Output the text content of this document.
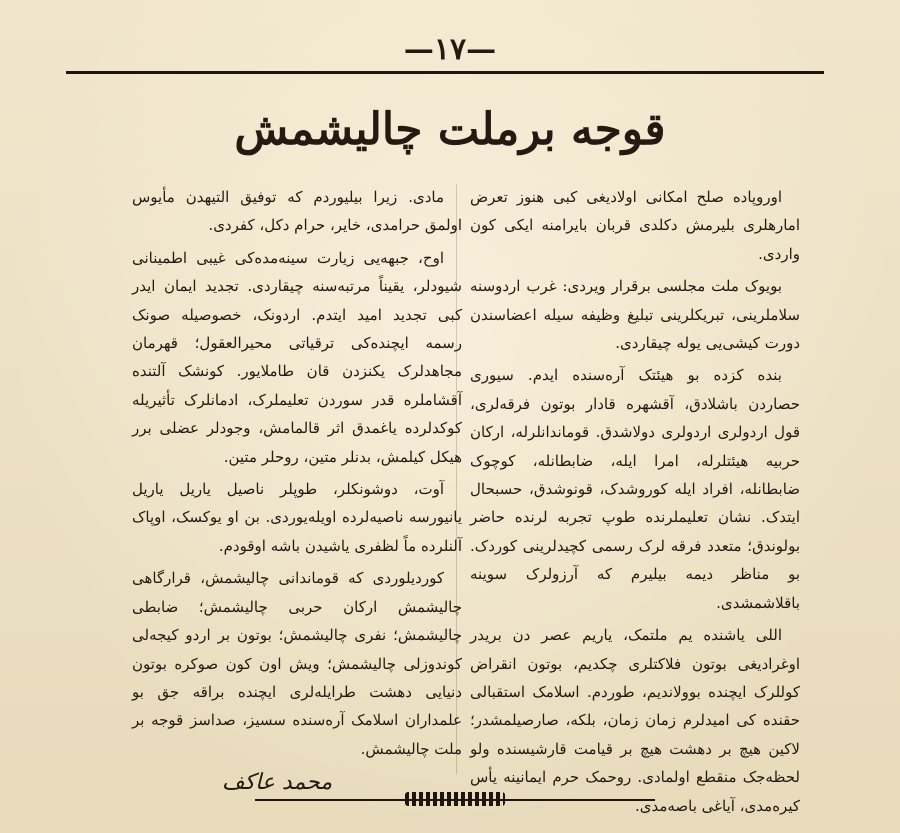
—۱٧—
قوجه برملت چالیشمش

اوروپاده صلح امکانی اولادیغی کبی هنوز تعرض امارهلری بلیرمش دکلدی قربان بایرامنه ایکی کون واردی.

بویوک ملت مجلسی برقرار ویردی: غرب اردوسنه سلاملرینی، تبریکلرینی تبلیغ وظیفه سیله اعضاسندن دورت کیشی‌یی یوله چیقاردی.

بنده کزده بو هیئتک آره‌سنده ایدم. سیوری حصاردن باشلادق، آقشهره قادار بوتون فرقه‌لری، قول اردولری اردولری دولاشدق. قوماندانلرله، ارکان حربیه هیئتلرله، امرا ایله، ضابطانله، کوچوک ضابطانله، افراد ایله کوروشدک، قونوشدق، حسبحال ایتدک. نشان تعلیملرنده طوپ تجربه لرنده حاضر بولوندق؛ متعدد فرقه لرک رسمی کچیدلرینی کوردک. بو مناظر دیمه بیلیرم که آرزولرک سوینه باقلاشمشدی.

اللی یاشنده یم ملتمک، یاریم عصر دن بریدر اوغرادیغی بوتون فلاکتلری چکدیم، بوتون انقراض کوللرک ایچنده بوولاندیم، طوردم. اسلامک استقبالی حقنده کی امیدلرم زمان زمان، بلکه، صارصیلمشدر؛ لاکین هیچ بر دهشت هیچ بر قیامت قارشیسنده ولو لحظه‌جک منقطع اولمادی. روحمک حرم ایمانینه یأس کیره‌مدی، آیاغی باصه‌مدی.

مادی. زیرا بیلیوردم که توفیق التیهدن مأیوس اولمق حرامدی، خایر، حرام دکل، کفردی.

اوح، جبهه‌یی زیارت سینه‌مده‌کی غیبی اطمینانی شیودلر، یقیناً مرتبه‌سنه چیقاردی. تجدید ایمان ایدر کبی تجدید امید ایتدم. اردونک، خصوصیله صونک رسمه ایچنده‌کی ترقیاتی محیرالعقول؛ قهرمان مجاهدلرک یکنزدن قان طاملایور. کونشک آلتنده آقشاملره قدر سوردن تعلیملرک، ادمانلرک تأثیریله کوکدلرده یاغمدق اثر قالمامش، وجودلر عضلی برر هیکل کیلمش، بدنلر متین، روحلر متین.

آوت، دوشونکلر، طوپلر ناصیل یاریل یاریل یانیورسه ناصیه‌لرده اویله‌یوردی. بن او یوکسک، اوپاک آلنلرده ماً لظفری یاشیدن باشه اوقودم.

کوردیلوردی که قوماندانی چالیشمش، قرارگاهی چالیشمش ارکان حربی چالیشمش؛ ضابطی چالیشمش؛ نفری چالیشمش؛ بوتون بر اردو کیجه‌لی کوندوزلی چالیشمش؛ ویش اون کون صوکره بوتون دنیایی دهشت طرایله‌لری ایچنده براقه جق بو علمداران اسلامک آره‌سنده سسیز، صداسز قوجه بر ملت چالیشمش.

محمد عاکف
